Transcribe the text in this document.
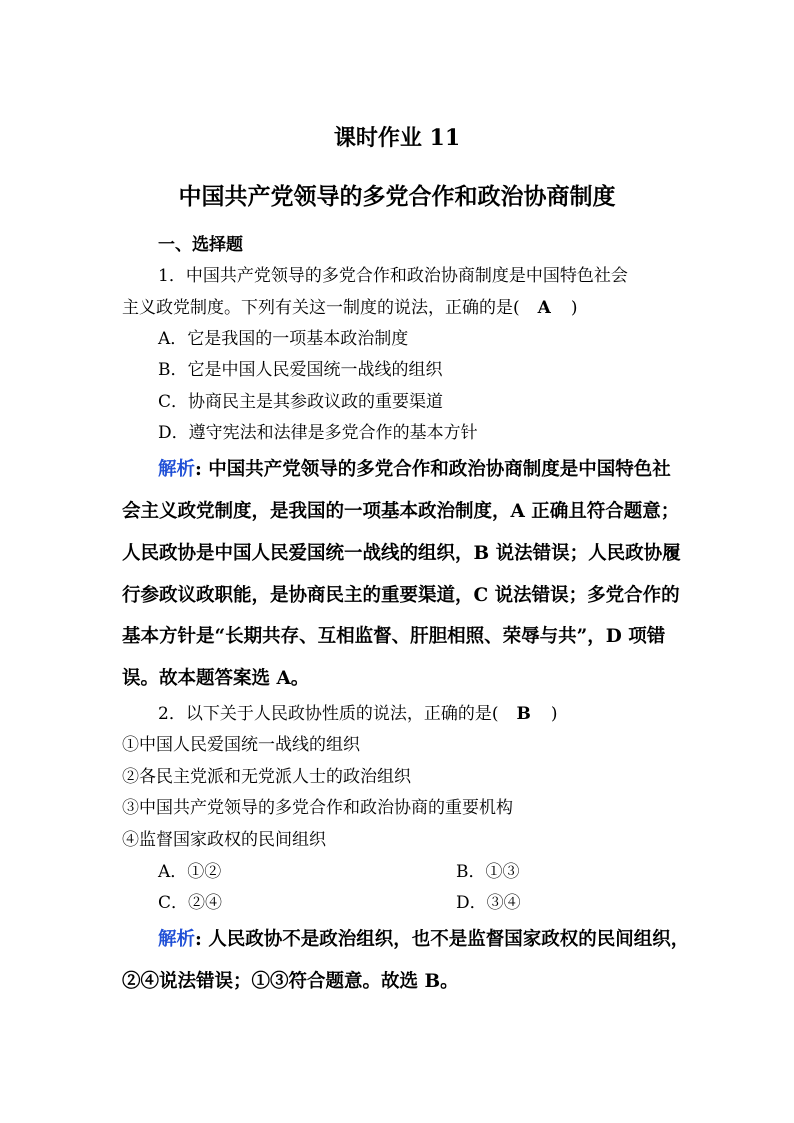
课时作业 11
中国共产党领导的多党合作和政治协商制度
一、选择题
1．中国共产党领导的多党合作和政治协商制度是中国特色社会
主义政党制度。下列有关这一制度的说法，正确的是( A )
A．它是我国的一项基本政治制度
B．它是中国人民爱国统一战线的组织
C．协商民主是其参政议政的重要渠道
D．遵守宪法和法律是多党合作的基本方针
解析: 中国共产党领导的多党合作和政治协商制度是中国特色社
会主义政党制度，是我国的一项基本政治制度，A 正确且符合题意；
人民政协是中国人民爱国统一战线的组织，B 说法错误；人民政协履
行参政议政职能，是协商民主的重要渠道，C 说法错误；多党合作的
基本方针是“长期共存、互相监督、肝胆相照、荣辱与共”，D 项错
误。故本题答案选 A。
2．以下关于人民政协性质的说法，正确的是( B )
①中国人民爱国统一战线的组织
②各民主党派和无党派人士的政治组织
③中国共产党领导的多党合作和政治协商的重要机构
④监督国家政权的民间组织
A．①②	B．①③
C．②④	D．③④
解析: 人民政协不是政治组织，也不是监督国家政权的民间组织，
②④说法错误；①③符合题意。故选 B。
